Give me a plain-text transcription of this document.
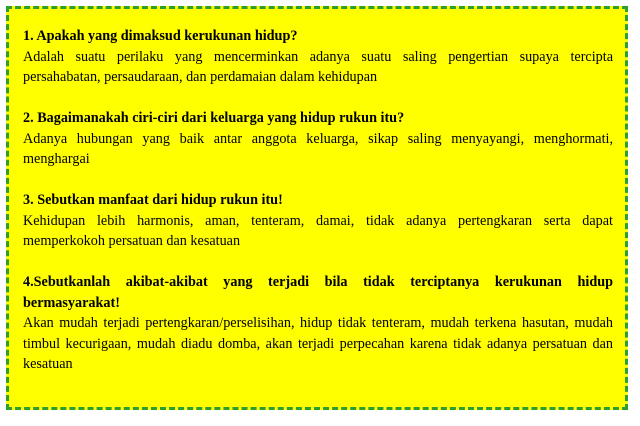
1. Apakah yang dimaksud kerukunan hidup?

Adalah suatu perilaku yang mencerminkan adanya suatu saling pengertian supaya tercipta persahabatan, persaudaraan, dan perdamaian dalam kehidupan

2. Bagaimanakah ciri-ciri dari keluarga yang hidup rukun itu?

Adanya hubungan yang baik antar anggota keluarga, sikap saling menyayangi, menghormati, menghargai

3. Sebutkan manfaat dari hidup rukun itu!

Kehidupan lebih harmonis, aman, tenteram, damai, tidak adanya pertengkaran serta dapat memperkokoh persatuan dan kesatuan

4.Sebutkanlah akibat-akibat yang terjadi bila tidak terciptanya kerukunan hidup bermasyarakat!

Akan mudah terjadi pertengkaran/perselisihan, hidup tidak tenteram, mudah terkena hasutan, mudah timbul kecurigaan, mudah diadu domba, akan terjadi perpecahan karena tidak adanya persatuan dan kesatuan
